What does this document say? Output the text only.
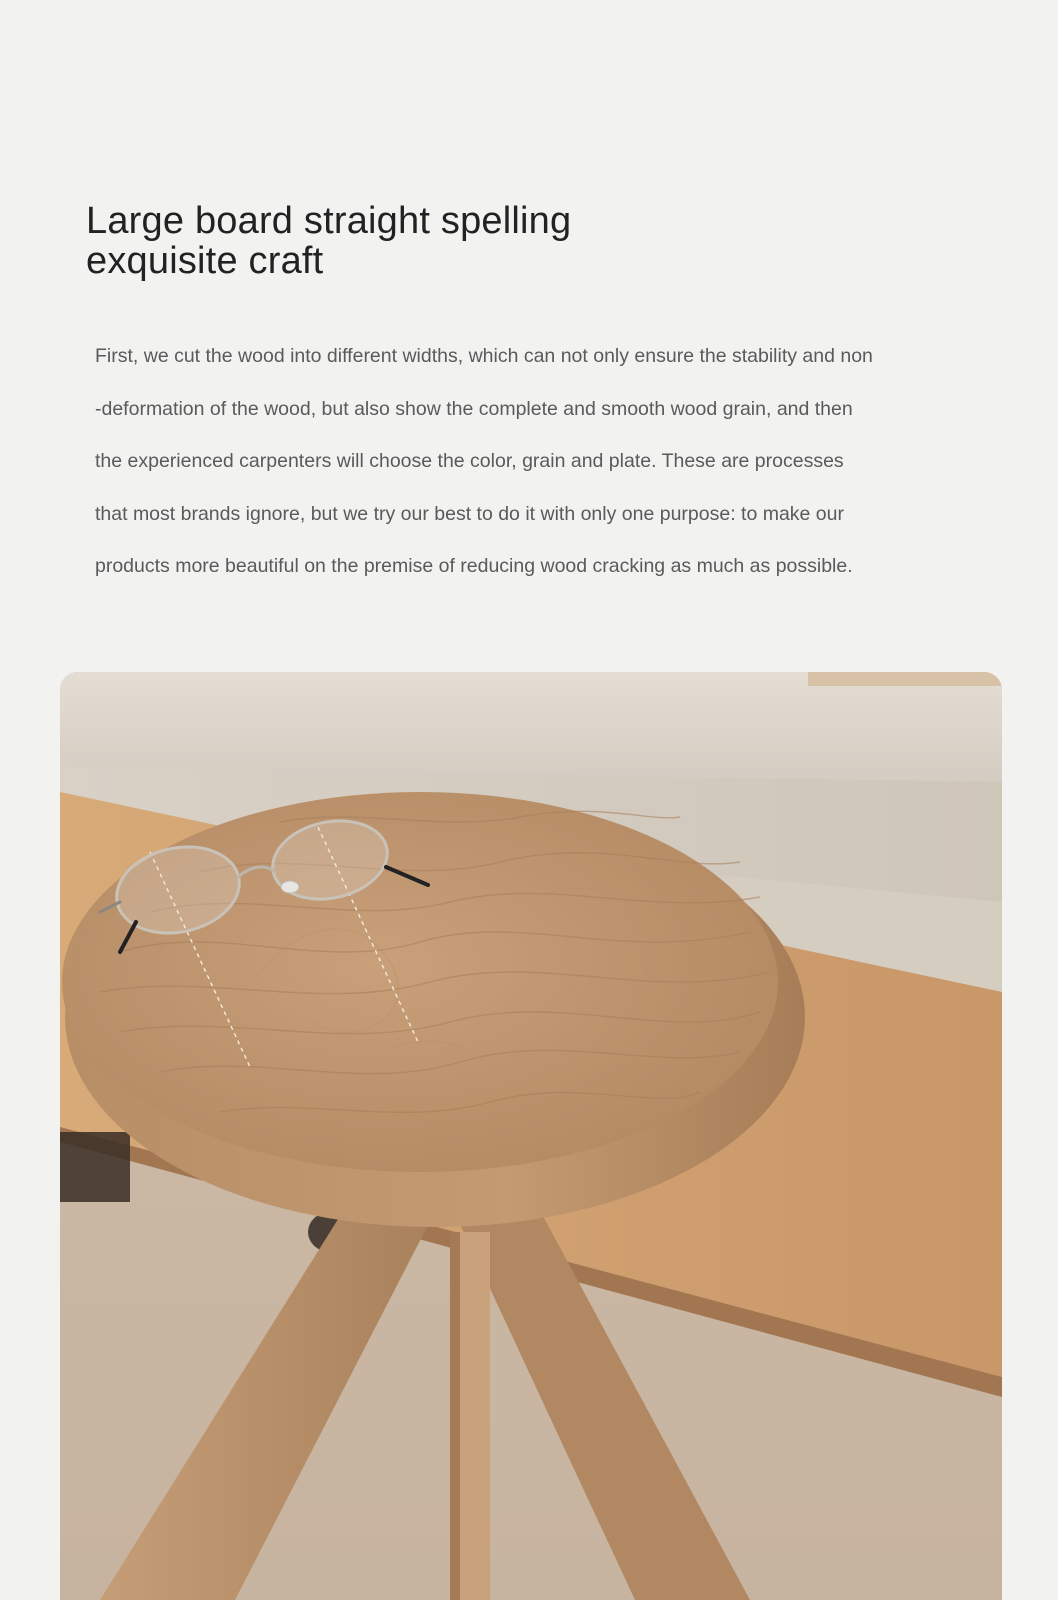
Large board straight spelling
exquisite craft

First, we cut the wood into different widths, which can not only ensure the stability and non
-deformation of the wood, but also show the complete and smooth wood grain, and then
the experienced carpenters will choose the color, grain and plate. These are processes
that most brands ignore, but we try our best to do it with only one purpose: to make our
products more beautiful on the premise of reducing wood cracking as much as possible.
